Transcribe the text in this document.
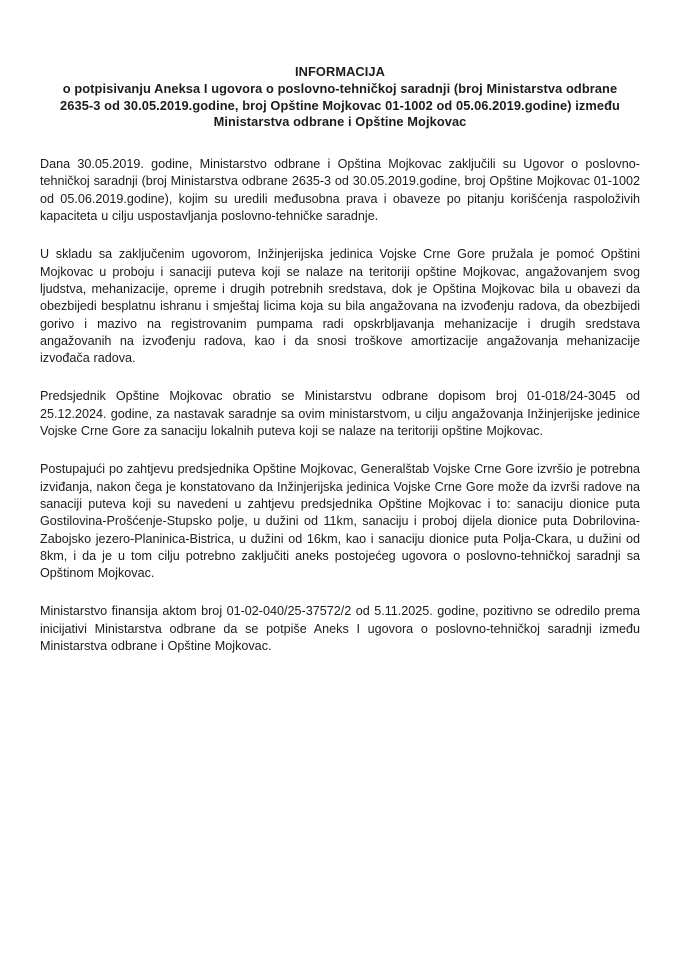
INFORMACIJA
o potpisivanju Aneksa I ugovora o poslovno-tehničkoj saradnji (broj Ministarstva odbrane
2635-3 od 30.05.2019.godine, broj Opštine Mojkovac 01-1002 od 05.06.2019.godine) između
Ministarstva odbrane i Opštine Mojkovac

Dana 30.05.2019. godine, Ministarstvo odbrane i Opština Mojkovac zaključili su Ugovor o poslovno-tehničkoj saradnji (broj Ministarstva odbrane 2635-3 od 30.05.2019.godine, broj Opštine Mojkovac 01-1002 od 05.06.2019.godine), kojim su uredili međusobna prava i obaveze po pitanju korišćenja raspoloživih kapaciteta u cilju uspostavljanja poslovno-tehničke saradnje.

U skladu sa zaključenim ugovorom, Inžinjerijska jedinica Vojske Crne Gore pružala je pomoć Opštini Mojkovac u proboju i sanaciji puteva koji se nalaze na teritoriji opštine Mojkovac, angažovanjem svog ljudstva, mehanizacije, opreme i drugih potrebnih sredstava, dok je Opština Mojkovac bila u obavezi da obezbijedi besplatnu ishranu i smještaj licima koja su bila angažovana na izvođenju radova, da obezbijedi gorivo i mazivo na registrovanim pumpama radi opskrbljavanja mehanizacije i drugih sredstava angažovanih na izvođenju radova, kao i da snosi troškove amortizacije angažovanja mehanizacije izvođača radova.

Predsjednik Opštine Mojkovac obratio se Ministarstvu odbrane dopisom broj 01-018/24-3045 od 25.12.2024. godine, za nastavak saradnje sa ovim ministarstvom, u cilju angažovanja Inžinjerijske jedinice Vojske Crne Gore za sanaciju lokalnih puteva koji se nalaze na teritoriji opštine Mojkovac.

Postupajući po zahtjevu predsjednika Opštine Mojkovac, Generalštab Vojske Crne Gore izvršio je potrebna izviđanja, nakon čega je konstatovano da Inžinjerijska jedinica Vojske Crne Gore može da izvrši radove na sanaciji puteva koji su navedeni u zahtjevu predsjednika Opštine Mojkovac i to: sanaciju dionice puta Gostilovina-Prošćenje-Stupsko polje, u dužini od 11km, sanaciju i proboj dijela dionice puta Dobrilovina-Zabojsko jezero-Planinica-Bistrica, u dužini od 16km, kao i sanaciju dionice puta Polja-Ckara, u dužini od 8km, i da je u tom cilju potrebno zaključiti aneks postojećeg ugovora o poslovno-tehničkoj saradnji sa Opštinom Mojkovac.

Ministarstvo finansija aktom broj 01-02-040/25-37572/2 od 5.11.2025. godine, pozitivno se odredilo prema inicijativi Ministarstva odbrane da se potpiše Aneks I ugovora o poslovno-tehničkoj saradnji između Ministarstva odbrane i Opštine Mojkovac.
